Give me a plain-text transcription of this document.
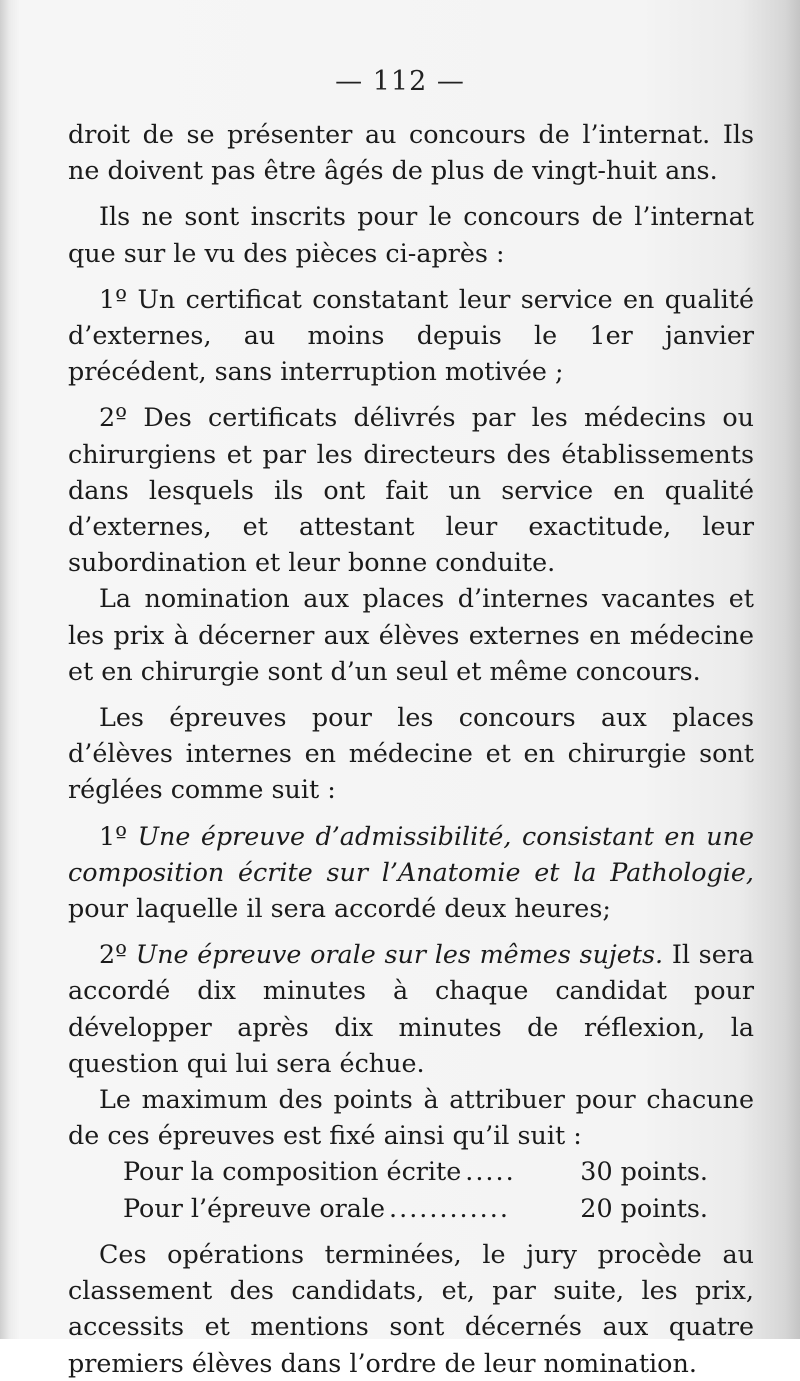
— 112 —

droit de se présenter au concours de l’internat. Ils ne doivent pas être âgés de plus de vingt-huit ans.

Ils ne sont inscrits pour le concours de l’internat que sur le vu des pièces ci-après :

1º Un certificat constatant leur service en qualité d’externes, au moins depuis le 1er janvier précédent, sans interruption motivée ;

2º Des certificats délivrés par les médecins ou chirurgiens et par les directeurs des établissements dans lesquels ils ont fait un service en qualité d’externes, et attestant leur exactitude, leur subordination et leur bonne conduite.

La nomination aux places d’internes vacantes et les prix à décerner aux élèves externes en médecine et en chirurgie sont d’un seul et même concours.

Les épreuves pour les concours aux places d’élèves internes en médecine et en chirurgie sont réglées comme suit :

1º Une épreuve d’admissibilité, consistant en une composition écrite sur l’Anatomie et la Pathologie, pour laquelle il sera accordé deux heures;

2º Une épreuve orale sur les mêmes sujets. Il sera accordé dix minutes à chaque candidat pour développer après dix minutes de réflexion, la question qui lui sera échue.

Le maximum des points à attribuer pour chacune de ces épreuves est fixé ainsi qu’il suit :

Pour la composition écrite .....	30 points.
Pour l’épreuve orale ............	20 points.

Ces opérations terminées, le jury procède au classement des candidats, et, par suite, les prix, accessits et mentions sont décernés aux quatre premiers élèves dans l’ordre de leur nomination.
